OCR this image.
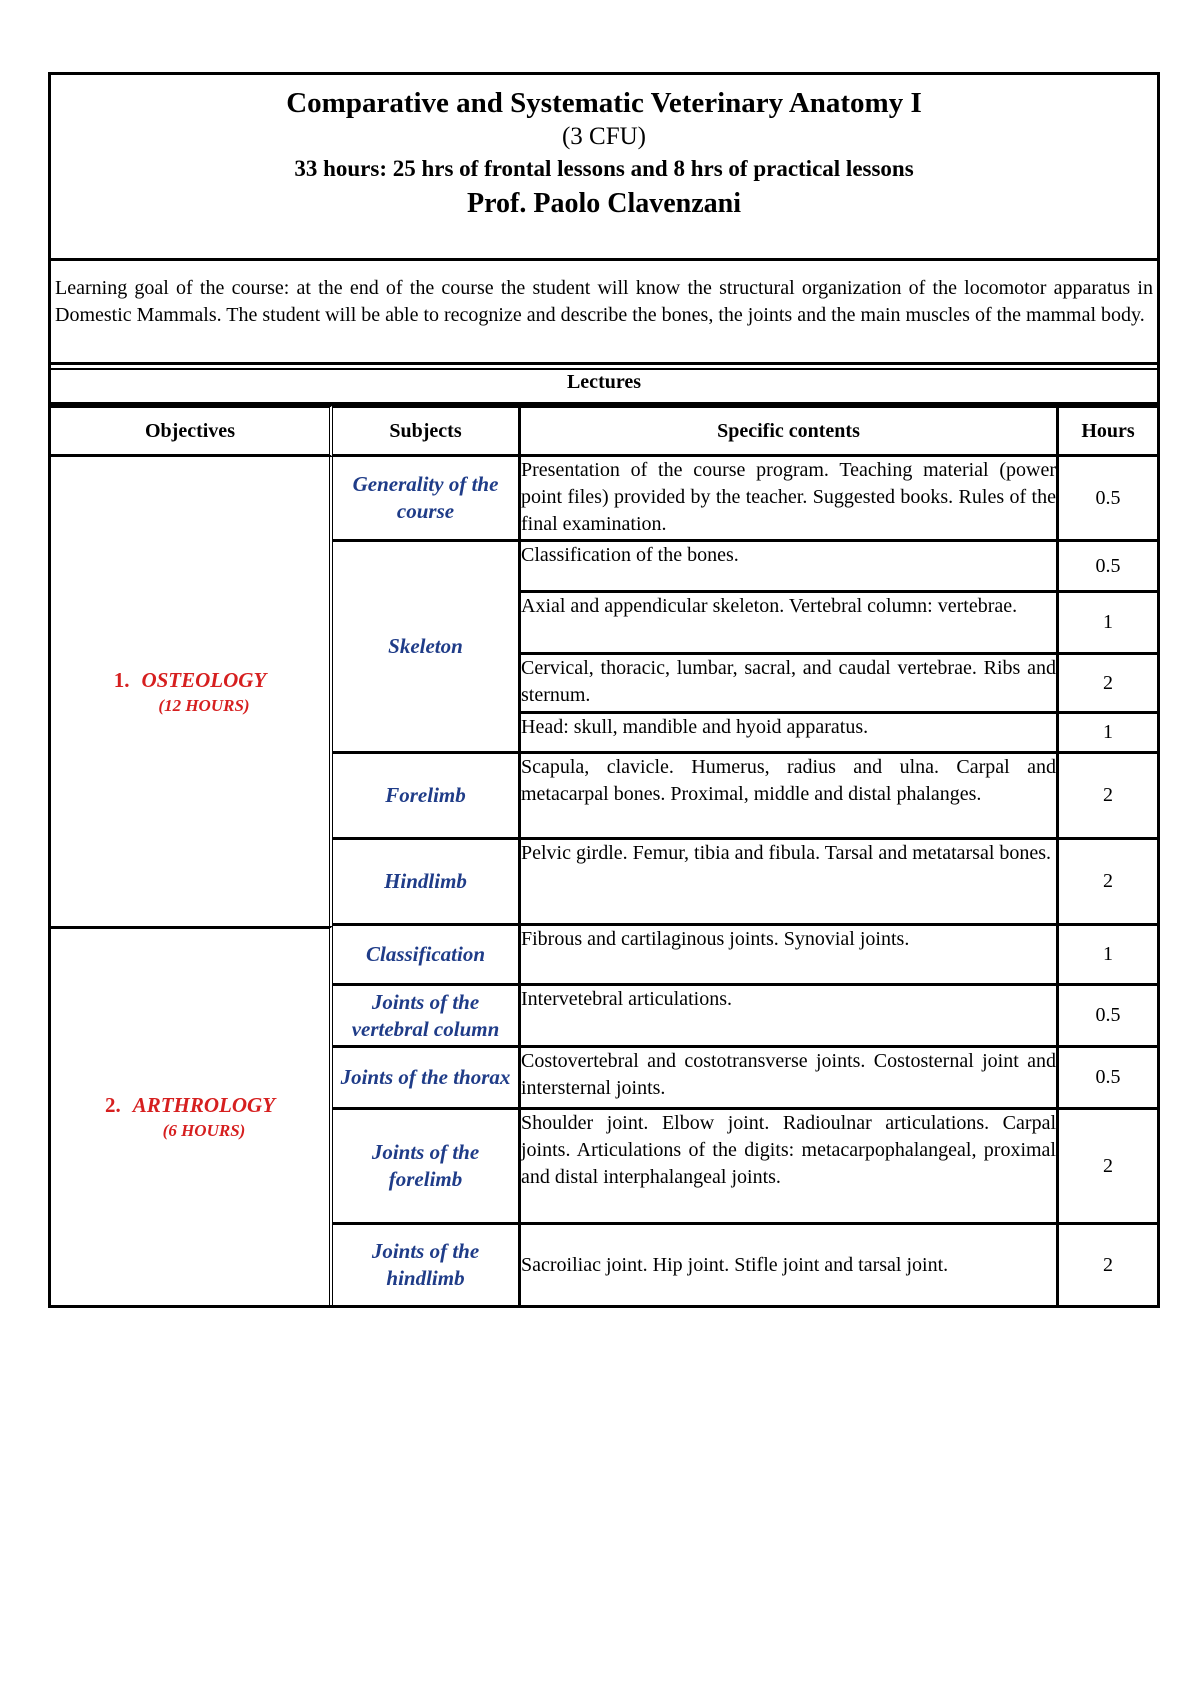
Comparative and Systematic Veterinary Anatomy I

(3 CFU)

33 hours: 25 hrs of frontal lessons and 8 hrs of practical lessons

Prof. Paolo Clavenzani

Learning goal of the course: at the end of the course the student will know the structural organization of the locomotor apparatus in Domestic Mammals. The student will be able to recognize and describe the bones, the joints and the main muscles of the mammal body.
Lectures
Objectives	Subjects	Specific contents	Hours

1. OSTEOLOGY
(12 HOURS)	Generality of the course	Presentation of the course program. Teaching material (power point files) provided by the teacher. Suggested books. Rules of the final examination.	0.5
	Skeleton	Classification of the bones.	0.5
		Axial and appendicular skeleton. Vertebral column: vertebrae.	1
		Cervical, thoracic, lumbar, sacral, and caudal vertebrae. Ribs and sternum.	2
		Head: skull, mandible and hyoid apparatus.	1
	Forelimb	Scapula, clavicle. Humerus, radius and ulna. Carpal and metacarpal bones. Proximal, middle and distal phalanges.	2
	Hindlimb	Pelvic girdle. Femur, tibia and fibula. Tarsal and metatarsal bones.	2

2. ARTHROLOGY
(6 HOURS)	Classification	Fibrous and cartilaginous joints. Synovial joints.	1
	Joints of the vertebral column	Intervetebral articulations.	0.5
	Joints of the thorax	Costovertebral and costotransverse joints. Costosternal joint and intersternal joints.	0.5
	Joints of the forelimb	Shoulder joint. Elbow joint. Radioulnar articulations. Carpal joints. Articulations of the digits: metacarpophalangeal, proximal and distal interphalangeal joints.	2
	Joints of the hindlimb	Sacroiliac joint. Hip joint. Stifle joint and tarsal joint.	2
